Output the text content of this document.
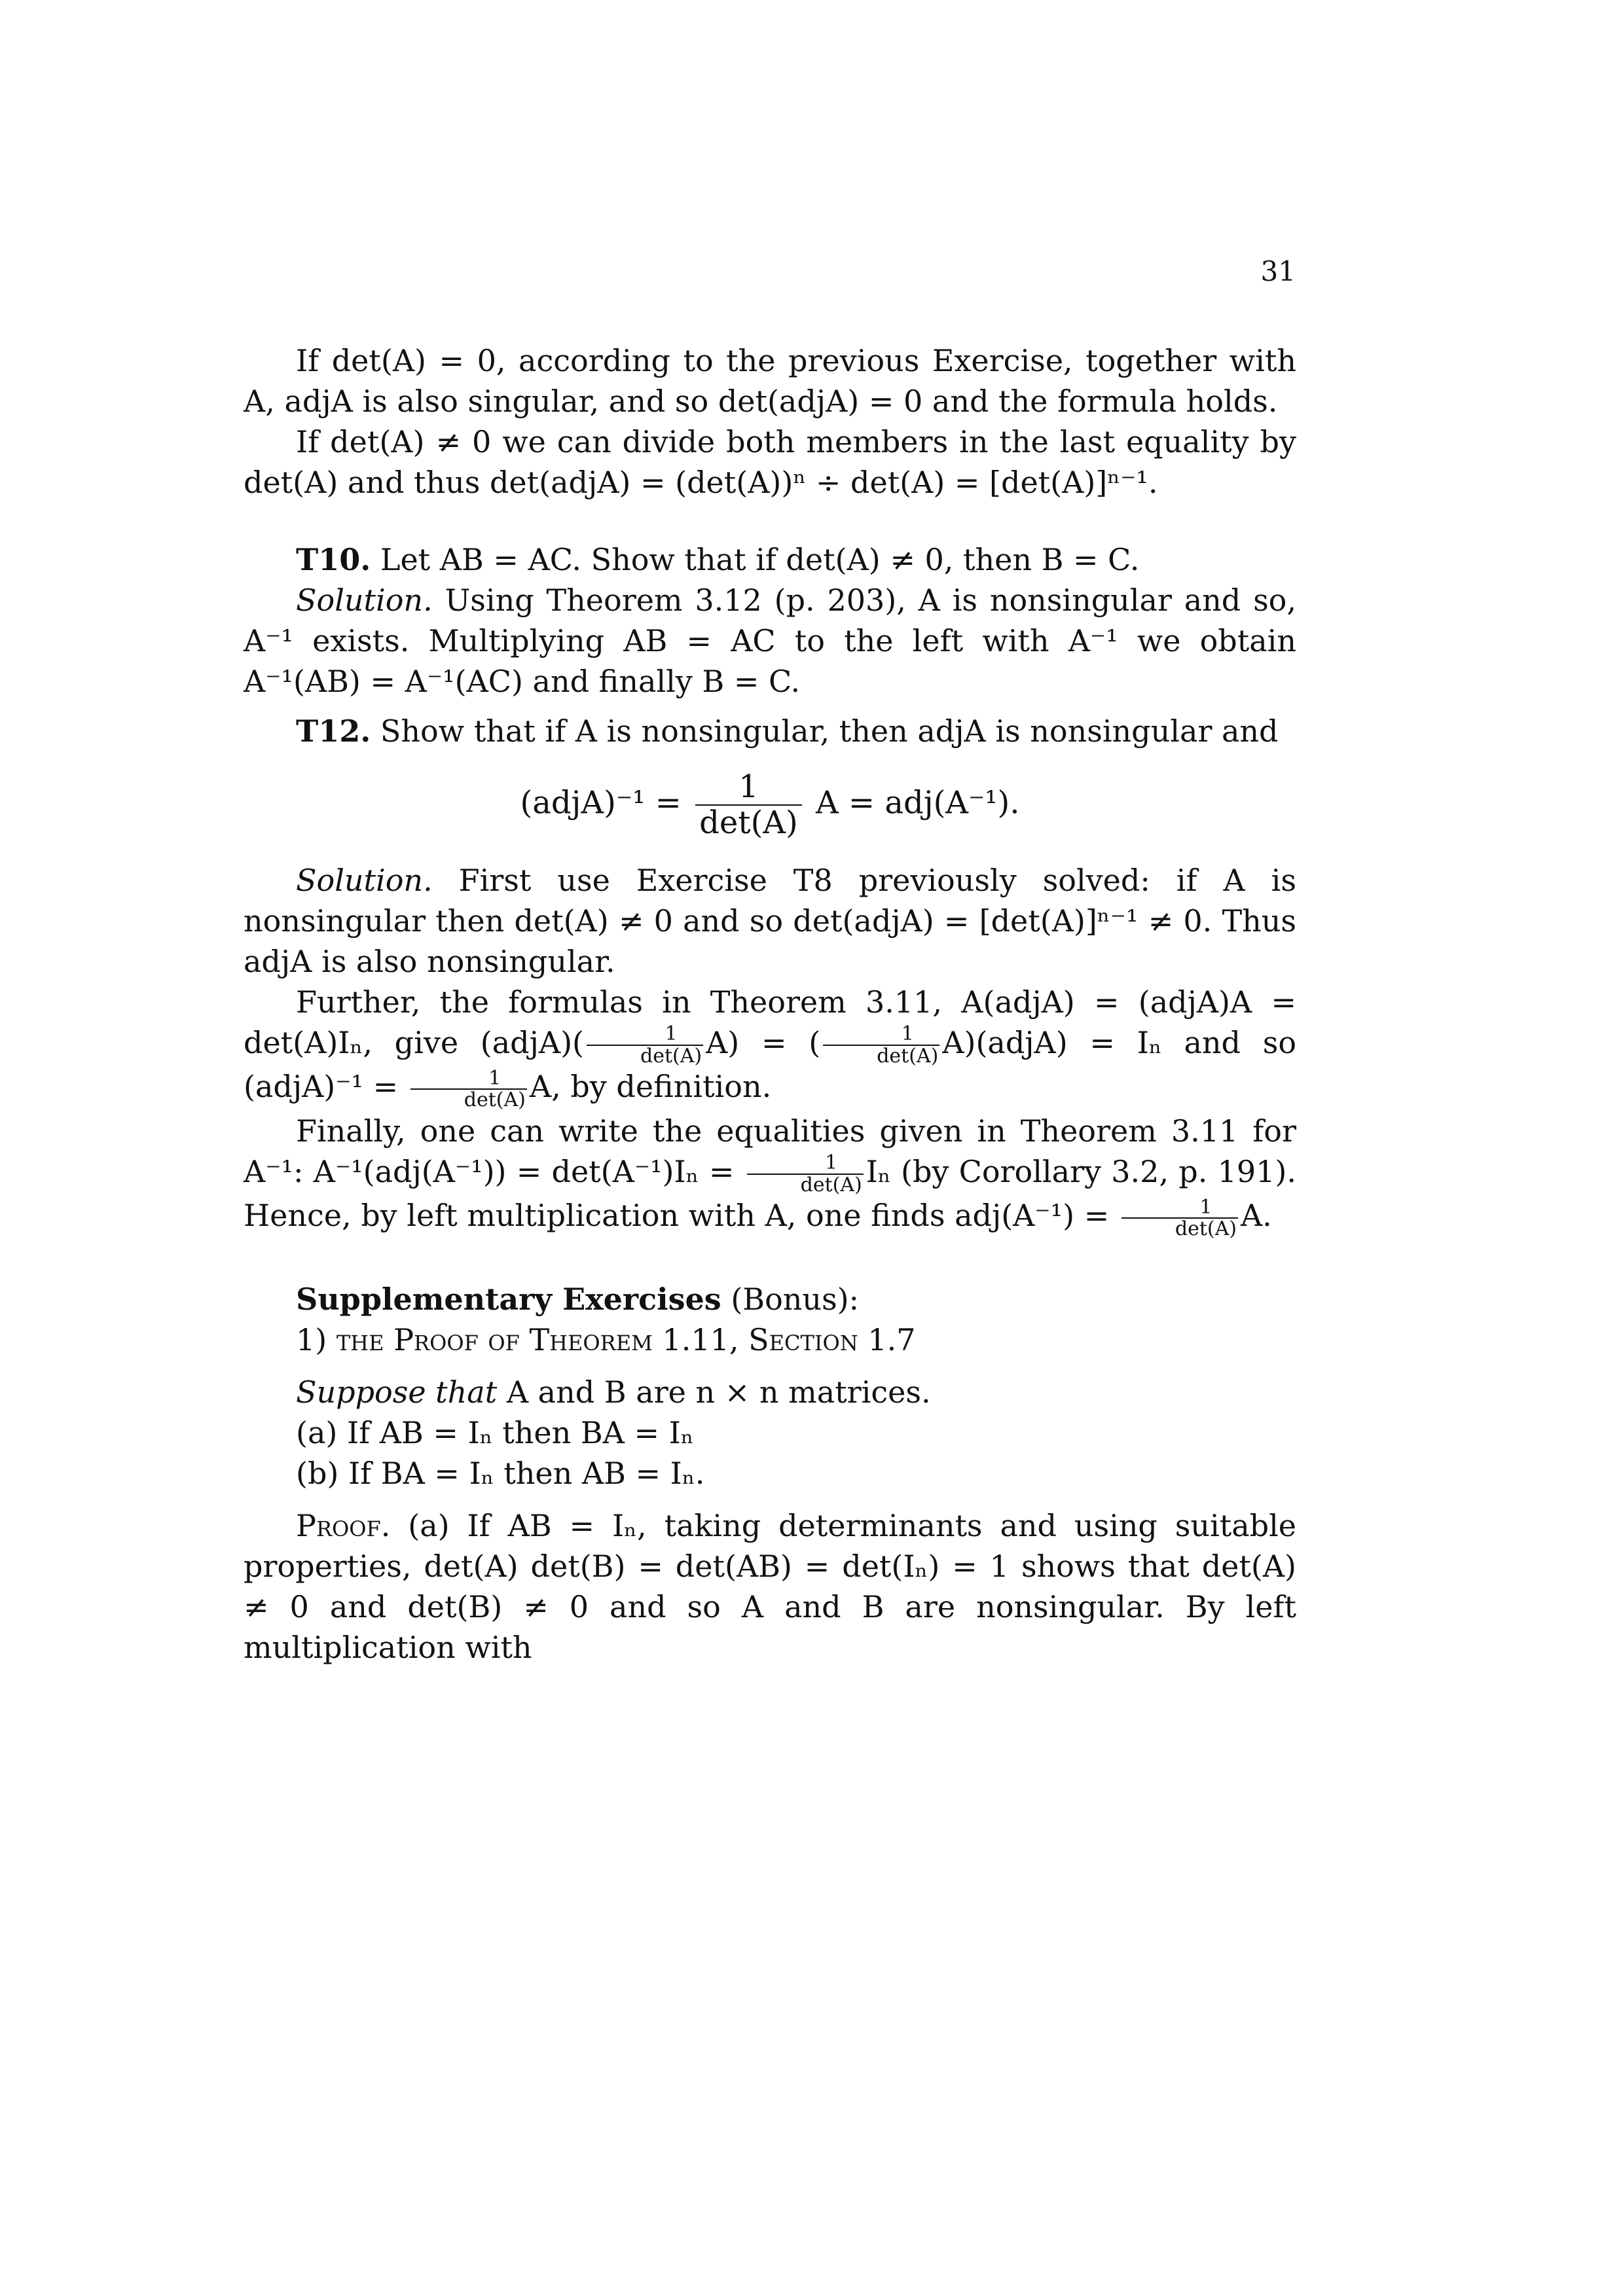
31

If det(A) = 0, according to the previous Exercise, together with A, adjA is also singular, and so det(adjA) = 0 and the formula holds.

If det(A) ≠ 0 we can divide both members in the last equality by det(A) and thus det(adjA) = (det(A))ⁿ ÷ det(A) = [det(A)]ⁿ⁻¹.

T10. Let AB = AC. Show that if det(A) ≠ 0, then B = C.

Solution. Using Theorem 3.12 (p. 203), A is nonsingular and so, A⁻¹ exists. Multiplying AB = AC to the left with A⁻¹ we obtain A⁻¹(AB) = A⁻¹(AC) and finally B = C.

T12. Show that if A is nonsingular, then adjA is nonsingular and

(adjA)⁻¹ = $\frac{1}{\det(A)}$ A = adj(A⁻¹).

Solution. First use Exercise T8 previously solved: if A is nonsingular then det(A) ≠ 0 and so det(adjA) = [det(A)]ⁿ⁻¹ ≠ 0. Thus adjA is also nonsingular.

Further, the formulas in Theorem 3.11, A(adjA) = (adjA)A = det(A)Iₙ, give (adjA)( $\frac{1}{\det(A)} A$) = ( $\frac{1}{\det(A)}$ A)(adjA) = Iₙ and so (adjA)⁻¹ = $\frac{1}{\det(A)} A$, by definition.

Finally, one can write the equalities given in Theorem 3.11 for A⁻¹: $A^{-1}(adj(A^{-1})) = \det(A^{-1})I_n = \frac{1}{\det(A)}$ Iₙ (by Corollary 3.2, p. 191). Hence, by left multiplication with A, one finds $adj(A^{-1}) = \frac{1}{\det(A)} A$.

Supplementary Exercises (Bonus):

1) the Proof of Theorem 1.11, Section 1.7

Suppose that A and B are n × n matrices.

(a) If AB = Iₙ then BA = Iₙ

(b) If BA = Iₙ then AB = Iₙ.

Proof. (a) If AB = Iₙ, taking determinants and using suitable properties, det(A) det(B) = det(AB) = det(Iₙ) = 1 shows that det(A) ≠ 0 and det(B) ≠ 0 and so A and B are nonsingular. By left multiplication with
